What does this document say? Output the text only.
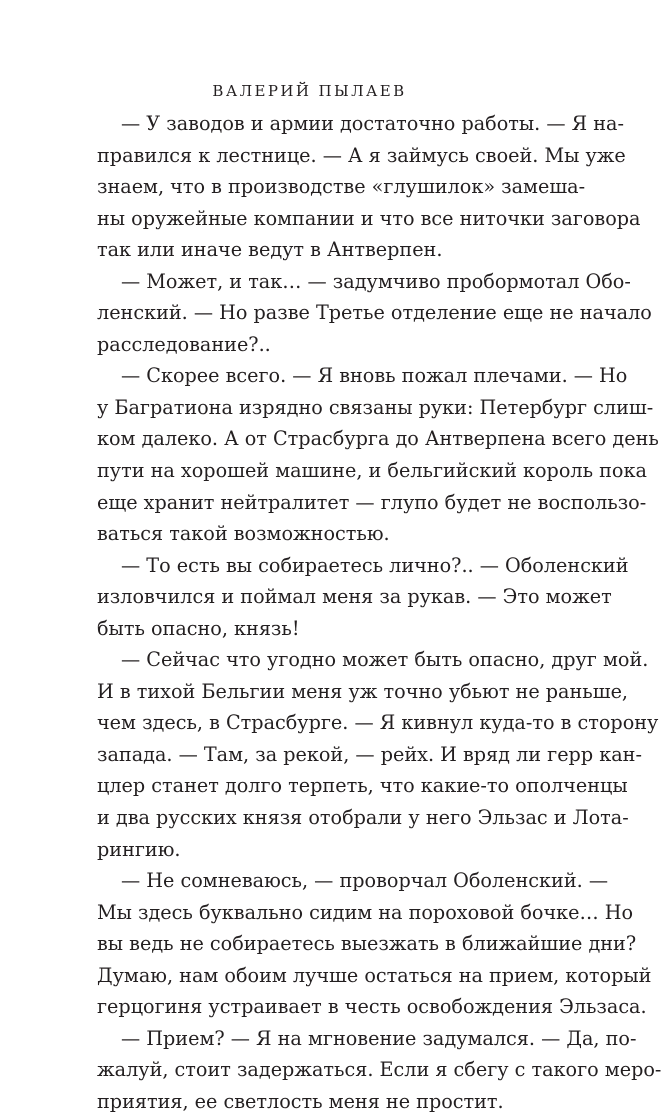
ВАЛЕРИЙ ПЫЛАЕВ
— У заводов и армии достаточно работы. — Я на-
правился к лестнице. — А я займусь своей. Мы уже
знаем, что в производстве «глушилок» замеша-
ны оружейные компании и что все ниточки заговора
так или иначе ведут в Антверпен.
— Может, и так… — задумчиво пробормотал Обо-
ленский. — Но разве Третье отделение еще не начало
расследование?..
— Скорее всего. — Я вновь пожал плечами. — Но
у Багратиона изрядно связаны руки: Петербург слиш-
ком далеко. А от Страсбурга до Антверпена всего день
пути на хорошей машине, и бельгийский король пока
еще хранит нейтралитет — глупо будет не воспользо-
ваться такой возможностью.
— То есть вы собираетесь лично?.. — Оболенский
изловчился и поймал меня за рукав. — Это может
быть опасно, князь!
— Сейчас что угодно может быть опасно, друг мой.
И в тихой Бельгии меня уж точно убьют не раньше,
чем здесь, в Страсбурге. — Я кивнул куда-то в сторону
запада. — Там, за рекой, — рейх. И вряд ли герр кан-
цлер станет долго терпеть, что какие-то ополченцы
и два русских князя отобрали у него Эльзас и Лота-
рингию.
— Не сомневаюсь, — проворчал Оболенский. —
Мы здесь буквально сидим на пороховой бочке… Но
вы ведь не собираетесь выезжать в ближайшие дни?
Думаю, нам обоим лучше остаться на прием, который
герцогиня устраивает в честь освобождения Эльзаса.
— Прием? — Я на мгновение задумался. — Да, по-
жалуй, стоит задержаться. Если я сбегу с такого меро-
приятия, ее светлость меня не простит.
